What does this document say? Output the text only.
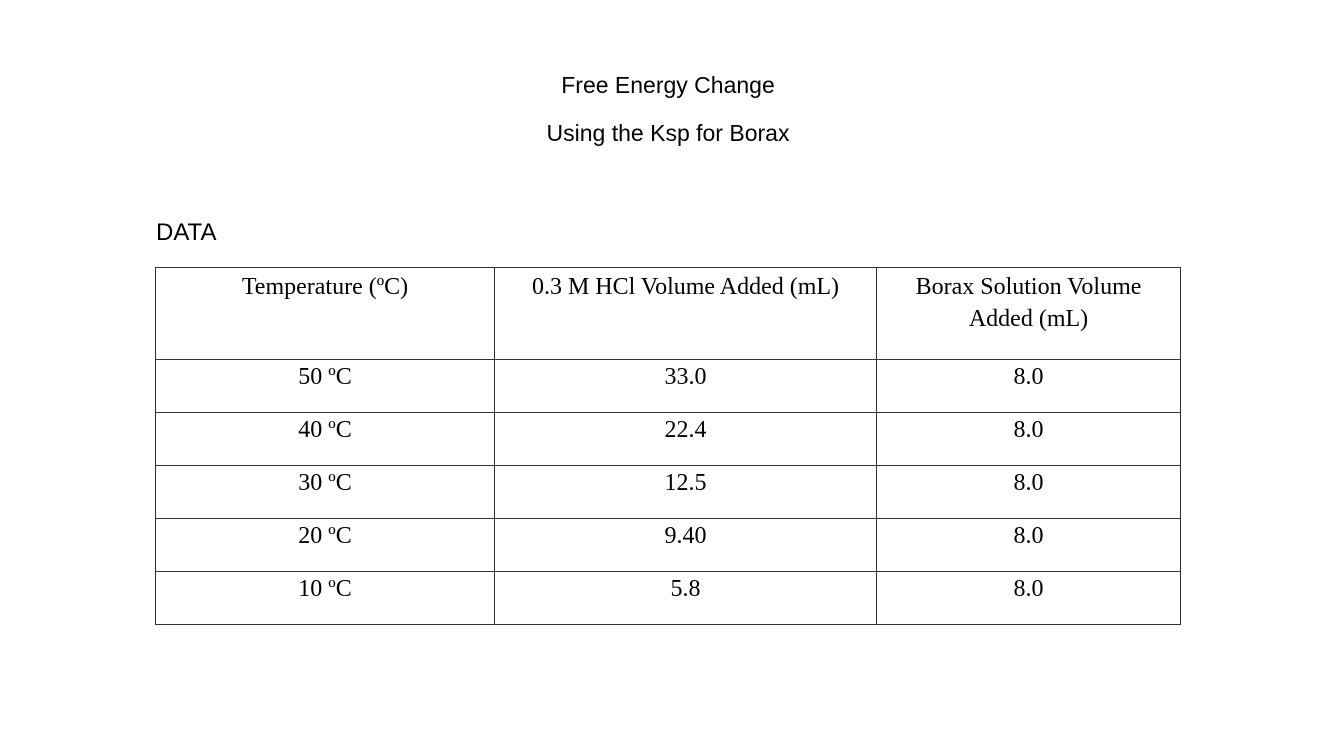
Free Energy Change

Using the Ksp for Borax

DATA

Temperature (ºC)	0.3 M HCl Volume Added (mL)	Borax Solution Volume Added (mL)
50 ºC	33.0	8.0
40 ºC	22.4	8.0
30 ºC	12.5	8.0
20 ºC	9.40	8.0
10 ºC	5.8	8.0
